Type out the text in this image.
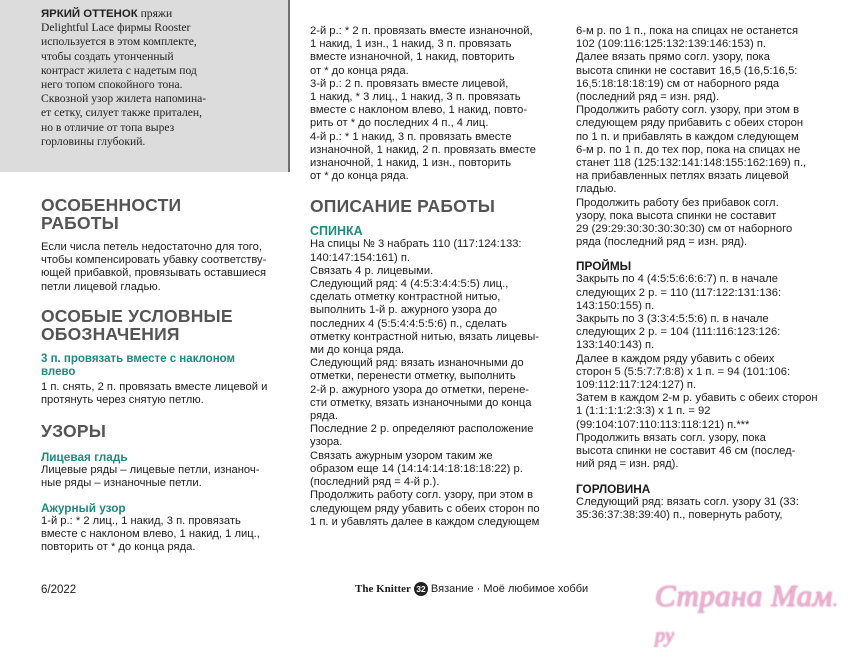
ЯРКИЙ ОТТЕНОК пряжи

Delightful Lace фирмы Rooster

используется в этом комплекте,

чтобы создать утонченный

контраст жилета с надетым под

него топом спокойного тона.

Сквозной узор жилета напомина-

ет сетку, силует также притален,

но в отличие от топа вырез

горловины глубокий.

ОСОБЕННОСТИ
РАБОТЫ

Если числа петель недостаточно для того,

чтобы компенсировать убавку соответству-

ющей прибавкой, провязывать оставшиеся

петли лицевой гладью.

ОСОБЫЕ УСЛОВНЫЕ
ОБОЗНАЧЕНИЯ
3 п. провязать вместе с наклоном
влево

1 п. снять, 2 п. провязать вместе лицевой и

протянуть через снятую петлю.

УЗОРЫ
Лицевая гладь

Лицевые ряды – лицевые петли, изнаноч-

ные ряды – изнаночные петли.

Ажурный узор

1-й р.: * 2 лиц., 1 накид, 3 п. провязать

вместе с наклоном влево, 1 накид, 1 лиц.,

повторить от * до конца ряда.

2-й р.: * 2 п. провязать вместе изнаночной,

1 накид, 1 изн., 1 накид, 3 п. провязать

вместе изнаночной, 1 накид, повторить

от * до конца ряда.

3-й р.: 2 п. провязать вместе лицевой,

1 накид, * 3 лиц., 1 накид, 3 п. провязать

вместе с наклоном влево, 1 накид, повто-

рить от * до последних 4 п., 4 лиц.

4-й р.: * 1 накид, 3 п. провязать вместе

изнаночной, 1 накид, 2 п. провязать вместе

изнаночной, 1 накид, 1 изн., повторить

от * до конца ряда.

ОПИСАНИЕ РАБОТЫ
СПИНКА

На спицы № 3 набрать 110 (117:124:133:

140:147:154:161) п.

Связать 4 р. лицевыми.

Следующий ряд: 4 (4:5:3:4:4:5:5) лиц.,

сделать отметку контрастной нитью,

выполнить 1-й р. ажурного узора до

последних 4 (5:5:4:4:5:5:6) п., сделать

отметку контрастной нитью, вязать лицевы-

ми до конца ряда.

Следующий ряд: вязать изнаночными до

отметки, перенести отметку, выполнить

2-й р. ажурного узора до отметки, перене-

сти отметку, вязать изнаночными до конца

ряда.

Последние 2 р. определяют расположение

узора.

Связать ажурным узором таким же

образом еще 14 (14:14:14:18:18:18:22) р.

(последний ряд = 4-й р.).

Продолжить работу согл. узору, при этом в

следующем ряду убавить с обеих сторон по

1 п. и убавлять далее в каждом следующем

6-м р. по 1 п., пока на спицах не останется

102 (109:116:125:132:139:146:153) п.

Далее вязать прямо согл. узору, пока

высота спинки не составит 16,5 (16,5:16,5:

16,5:18:18:18:19) см от наборного ряда

(последний ряд = изн. ряд).

Продолжить работу согл. узору, при этом в

следующем ряду прибавить с обеих сторон

по 1 п. и прибавлять в каждом следующем

6-м р. по 1 п. до тех пор, пока на спицах не

станет 118 (125:132:141:148:155:162:169) п.,

на прибавленных петлях вязать лицевой

гладью.

Продолжить работу без прибавок согл.

узору, пока высота спинки не составит

29 (29:29:30:30:30:30:30) см от наборного

ряда (последний ряд = изн. ряд).

ПРОЙМЫ

Закрыть по 4 (4:5:5:6:6:6:7) п. в начале

следующих 2 р. = 110 (117:122:131:136:

143:150:155) п.

Закрыть по 3 (3:3:4:5:5:6) п. в начале

следующих 2 р. = 104 (111:116:123:126:

133:140:143) п.

Далее в каждом ряду убавить с обеих

сторон 5 (5:5:7:7:8:8) х 1 п. = 94 (101:106:

109:112:117:124:127) п.

Затем в каждом 2-м р. убавить с обеих сторон

1 (1:1:1:1:2:3:3) х 1 п. = 92

(99:104:107:110:113:118:121) п.***

Продолжить вязать согл. узору, пока

высота спинки не составит 46 см (послед-

ний ряд = изн. ряд).

ГОРЛОВИНА

Следующий ряд: вязать согл. узору 31 (33:

35:36:37:38:39:40) п., повернуть работу,

6/2022	The Knitter 32 Вязание · Моё любимое хобби Страна Мам. ру
